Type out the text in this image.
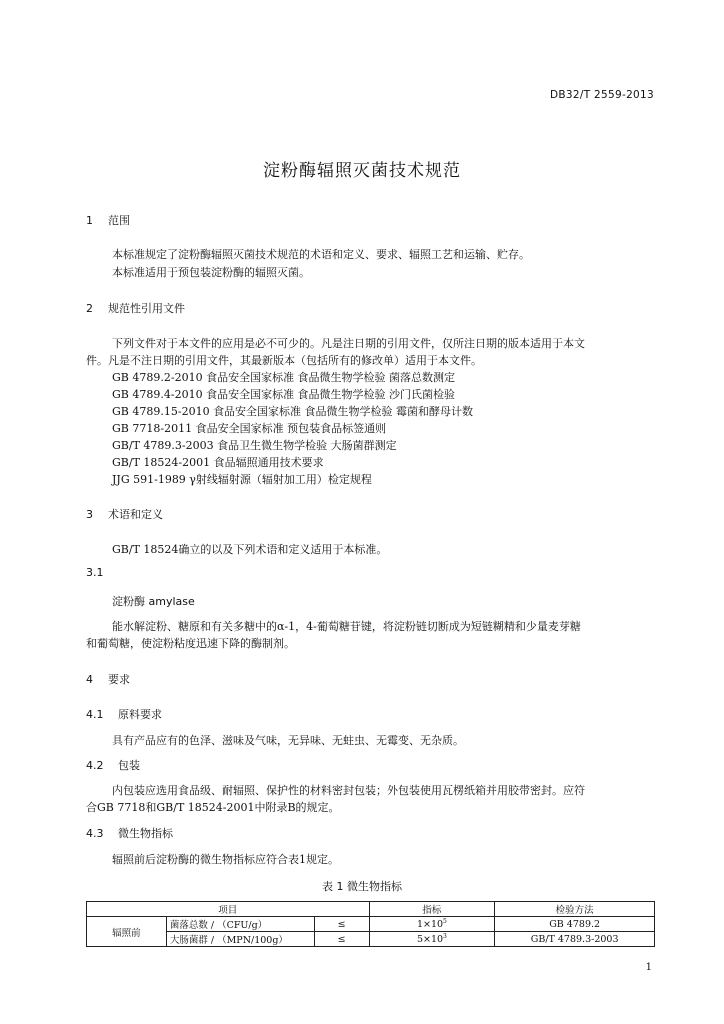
DB32/T 2559-2013
淀粉酶辐照灭菌技术规范
1 范围
本标准规定了淀粉酶辐照灭菌技术规范的术语和定义、要求、辐照工艺和运输、贮存。
本标准适用于预包装淀粉酶的辐照灭菌。
2 规范性引用文件
下列文件对于本文件的应用是必不可少的。凡是注日期的引用文件，仅所注日期的版本适用于本文
件。凡是不注日期的引用文件，其最新版本（包括所有的修改单）适用于本文件。
GB 4789.2-2010 食品安全国家标准 食品微生物学检验 菌落总数测定
GB 4789.4-2010 食品安全国家标准 食品微生物学检验 沙门氏菌检验
GB 4789.15-2010 食品安全国家标准 食品微生物学检验 霉菌和酵母计数
GB 7718-2011 食品安全国家标准 预包装食品标签通则
GB/T 4789.3-2003 食品卫生微生物学检验 大肠菌群测定
GB/T 18524-2001 食品辐照通用技术要求
JJG 591-1989 γ射线辐射源（辐射加工用）检定规程
3 术语和定义
GB/T 18524确立的以及下列术语和定义适用于本标准。
3.1
淀粉酶 amylase
能水解淀粉、糖原和有关多糖中的α-1，4-葡萄糖苷键，将淀粉链切断成为短链糊精和少量麦芽糖
和葡萄糖，使淀粉粘度迅速下降的酶制剂。
4 要求
4.1 原料要求
具有产品应有的色泽、滋味及气味，无异味、无蛀虫、无霉变、无杂质。
4.2 包装
内包装应选用食品级、耐辐照、保护性的材料密封包装；外包装使用瓦楞纸箱并用胶带密封。应符
合GB 7718和GB/T 18524-2001中附录B的规定。
4.3 微生物指标
辐照前后淀粉酶的微生物指标应符合表1规定。
表 1 微生物指标
项目			指标	检验方法
辐照前	菌落总数 / （CFU/g）	≤	$1\times 10^5$	GB 4789.2
	大肠菌群 / （MPN/100g）	≤	$5\times 10^3$	GB/T 4789.3-2003
1
